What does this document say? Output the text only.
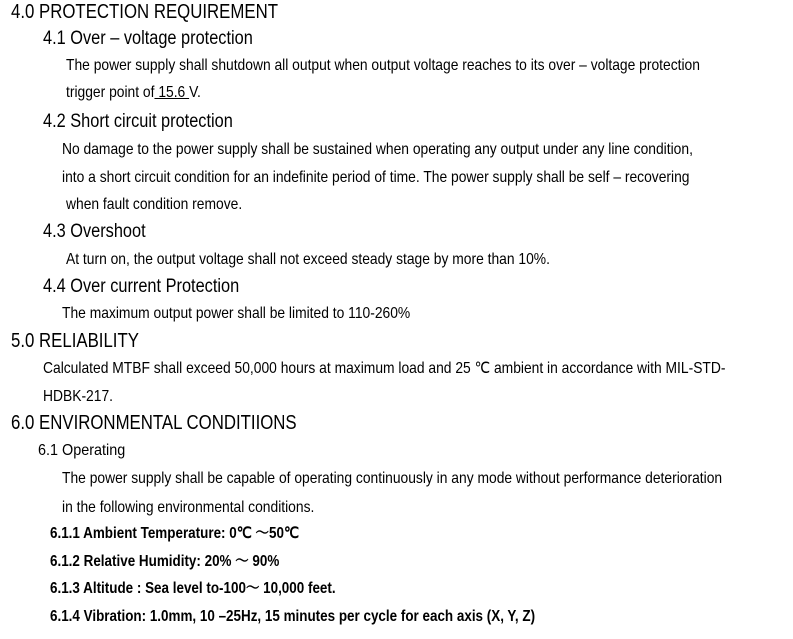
4.0 PROTECTION REQUIREMENT
4.1 Over – voltage protection
The power supply shall shutdown all output when output voltage reaches to its over – voltage protection
trigger point of 15.6 V.
4.2 Short circuit protection
No damage to the power supply shall be sustained when operating any output under any line condition,
into a short circuit condition for an indefinite period of time. The power supply shall be self – recovering
when fault condition remove.
4.3 Overshoot
At turn on, the output voltage shall not exceed steady stage by more than 10%.
4.4 Over current Protection
The maximum output power shall be limited to 110-260%
5.0 RELIABILITY
Calculated MTBF shall exceed 50,000 hours at maximum load and 25 ℃ ambient in accordance with MIL-STD-
HDBK-217.
6.0 ENVIRONMENTAL CONDITIIONS
6.1 Operating
The power supply shall be capable of operating continuously in any mode without performance deterioration
in the following environmental conditions.
6.1.1 Ambient Temperature: 0℃ ～50℃
6.1.2 Relative Humidity: 20% ～ 90%
6.1.3 Altitude : Sea level to-100～ 10,000 feet.
6.1.4 Vibration: 1.0mm, 10 –25Hz, 15 minutes per cycle for each axis (X, Y, Z)
